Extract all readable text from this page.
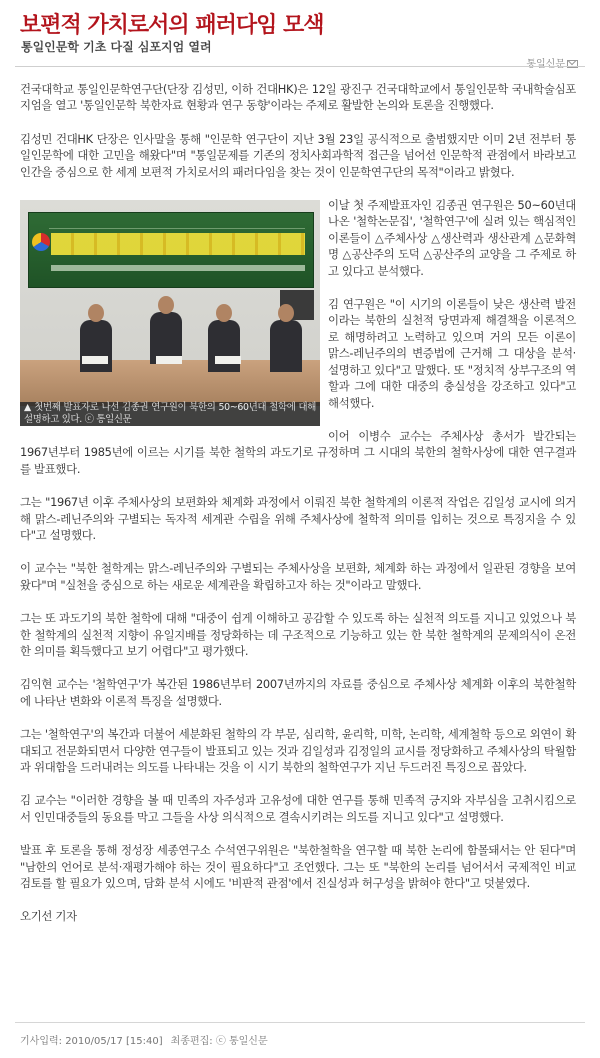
보편적 가치로서의 패러다임 모색
통일인문학 기초 다질 심포지엄 열려
통일신문

건국대학교 통일인문학연구단(단장 김성민, 이하 건대HK)은 12일 광진구 건국대학교에서 통일인문학 국내학술심포지엄을 열고 '통일인문학 북한자료 현황과 연구 동향'이라는 주제로 활발한 논의와 토론을 진행했다.

김성민 건대HK 단장은 인사말을 통해 "인문학 연구단이 지난 3월 23일 공식적으로 출범했지만 이미 2년 전부터 통일인문학에 대한 고민을 해왔다"며 "통일문제를 기존의 정치사회과학적 접근을 넘어선 인문학적 관점에서 바라보고 인간을 중심으로 한 세계 보편적 가치로서의 패러다임을 찾는 것이 인문학연구단의 목적"이라고 밝혔다.

▲ 첫번째 발표자로 나선 김종권 연구원이 북한의 50~60년대 철학에 대해 설명하고 있다. ⓒ 통일신문

이날 첫 주제발표자인 김종권 연구원은 50~60년대 나온 '철학논문집', '철학연구'에 실려 있는 핵심적인 이론들이 △주체사상 △생산력과 생산관계 △문화혁명 △공산주의 도덕 △공산주의 교양을 그 주제로 하고 있다고 분석했다.

김 연구원은 "이 시기의 이론들이 낮은 생산력 발전이라는 북한의 실천적 당면과제 해결책을 이론적으로 해명하려고 노력하고 있으며 거의 모든 이론이 맑스-레닌주의의 변증법에 근거해 그 대상을 분석·설명하고 있다"고 말했다. 또 "정치적 상부구조의 역할과 그에 대한 대중의 충실성을 강조하고 있다"고 해석했다.

이어 이병수 교수는 주체사상 총서가 발간되는 1967년부터 1985년에 이르는 시기를 북한 철학의 과도기로 규정하며 그 시대의 북한의 철학사상에 대한 연구결과를 발표했다.

그는 "1967년 이후 주체사상의 보편화와 체계화 과정에서 이뤄진 북한 철학계의 이론적 작업은 김일성 교시에 의거해 맑스-레닌주의와 구별되는 독자적 세계관 수립을 위해 주체사상에 철학적 의미를 입히는 것으로 특징지을 수 있다"고 설명했다.

이 교수는 "북한 철학계는 맑스-레닌주의와 구별되는 주체사상을 보편화, 체계화 하는 과정에서 일관된 경향을 보여 왔다"며 "실천을 중심으로 하는 새로운 세계관을 확립하고자 하는 것"이라고 말했다.

그는 또 과도기의 북한 철학에 대해 "대중이 쉽게 이해하고 공감할 수 있도록 하는 실천적 의도를 지니고 있었으나 북한 철학계의 실천적 지향이 유일지배를 정당화하는 데 구조적으로 기능하고 있는 한 북한 철학계의 문제의식이 온전한 의미를 획득했다고 보기 어렵다"고 평가했다.

김익현 교수는 '철학연구'가 복간된 1986년부터 2007년까지의 자료를 중심으로 주체사상 체계화 이후의 북한철학에 나타난 변화와 이론적 특징을 설명했다.

그는 '철학연구'의 복간과 더불어 세분화된 철학의 각 부문, 심리학, 윤리학, 미학, 논리학, 세계철학 등으로 외연이 확대되고 전문화되면서 다양한 연구들이 발표되고 있는 것과 김일성과 김정일의 교시를 정당화하고 주체사상의 탁월함과 위대함을 드러내려는 의도를 나타내는 것을 이 시기 북한의 철학연구가 지닌 두드러진 특징으로 꼽았다.

김 교수는 "이러한 경향을 볼 때 민족의 자주성과 고유성에 대한 연구를 통해 민족적 긍지와 자부심을 고취시킴으로서 인민대중들의 동요를 막고 그들을 사상 의식적으로 결속시키려는 의도를 지니고 있다"고 설명했다.

발표 후 토론을 통해 정성장 세종연구소 수석연구위원은 "북한철학을 연구할 때 북한 논리에 함몰돼서는 안 된다"며 "남한의 언어로 분석·재평가해야 하는 것이 필요하다"고 조언했다. 그는 또 "북한의 논리를 넘어서서 국제적인 비교검토를 할 필요가 있으며, 담화 분석 시에도 '비판적 관점'에서 진실성과 허구성을 밝혀야 한다"고 덧붙였다.

오기선 기자

기사입력: 2010/05/17 [15:40] 최종편집: ⓒ 통일신문
